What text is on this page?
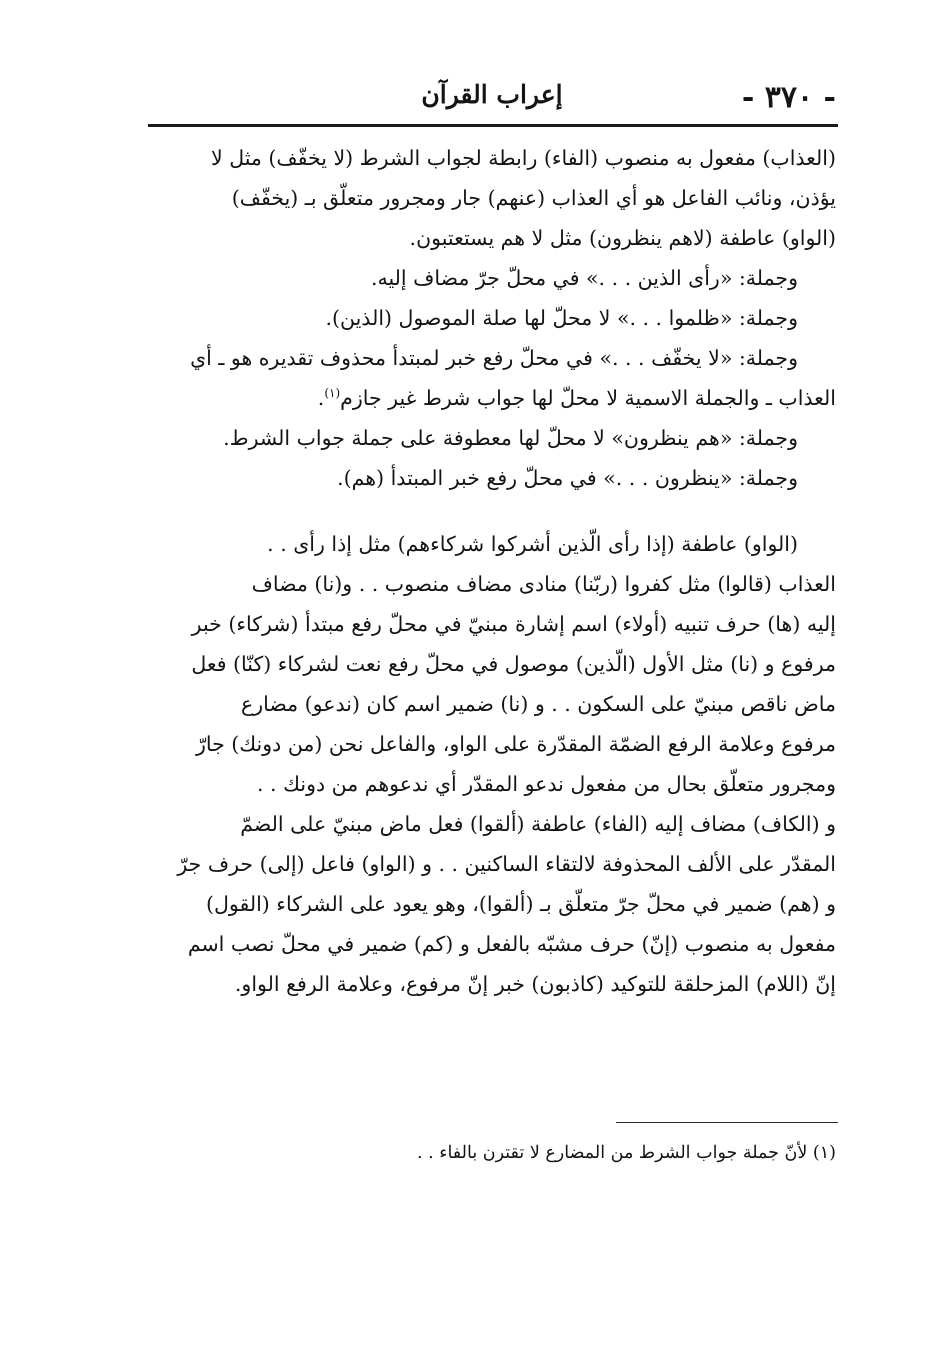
- ٣٧٠ -
إعراب القرآن

(العذاب) مفعول به منصوب (الفاء) رابطة لجواب الشرط (لا يخفّف) مثل لا

يؤذن، ونائب الفاعل هو أي العذاب (عنهم) جار ومجرور متعلّق بـ (يخفّف)

(الواو) عاطفة (لاهم ينظرون) مثل لا هم يستعتبون.

وجملة: «رأى الذين . . .» في محلّ جرّ مضاف إليه.

وجملة: «ظلموا . . .» لا محلّ لها صلة الموصول (الذين).

وجملة: «لا يخفّف . . .» في محلّ رفع خبر لمبتدأ محذوف تقديره هو ـ أي

العذاب ـ والجملة الاسمية لا محلّ لها جواب شرط غير جازم$^{(١)}$.

وجملة: «هم ينظرون» لا محلّ لها معطوفة على جملة جواب الشرط.

وجملة: «ينظرون . . .» في محلّ رفع خبر المبتدأ (هم).

(الواو) عاطفة (إذا رأى الّذين أشركوا شركاءهم) مثل إذا رأى . .

العذاب (قالوا) مثل كفروا (ربّنا) منادى مضاف منصوب . . و(نا) مضاف

إليه (ها) حرف تنبيه (أولاء) اسم إشارة مبنيّ في محلّ رفع مبتدأ (شركاء) خبر

مرفوع و (نا) مثل الأول (الّذين) موصول في محلّ رفع نعت لشركاء (كنّا) فعل

ماض ناقص مبنيّ على السكون . . و (نا) ضمير اسم كان (ندعو) مضارع

مرفوع وعلامة الرفع الضمّة المقدّرة على الواو، والفاعل نحن (من دونك) جارّ

ومجرور متعلّق بحال من مفعول ندعو المقدّر أي ندعوهم من دونك . .

و (الكاف) مضاف إليه (الفاء) عاطفة (ألقوا) فعل ماض مبنيّ على الضمّ

المقدّر على الألف المحذوفة لالتقاء الساكنين . . و (الواو) فاعل (إلى) حرف جرّ

و (هم) ضمير في محلّ جرّ متعلّق بـ (ألقوا)، وهو يعود على الشركاء (القول)

مفعول به منصوب (إنّ) حرف مشبّه بالفعل و (كم) ضمير في محلّ نصب اسم

إنّ (اللام) المزحلقة للتوكيد (كاذبون) خبر إنّ مرفوع، وعلامة الرفع الواو.

(١) لأنّ جملة جواب الشرط من المضارع لا تقترن بالفاء . .
